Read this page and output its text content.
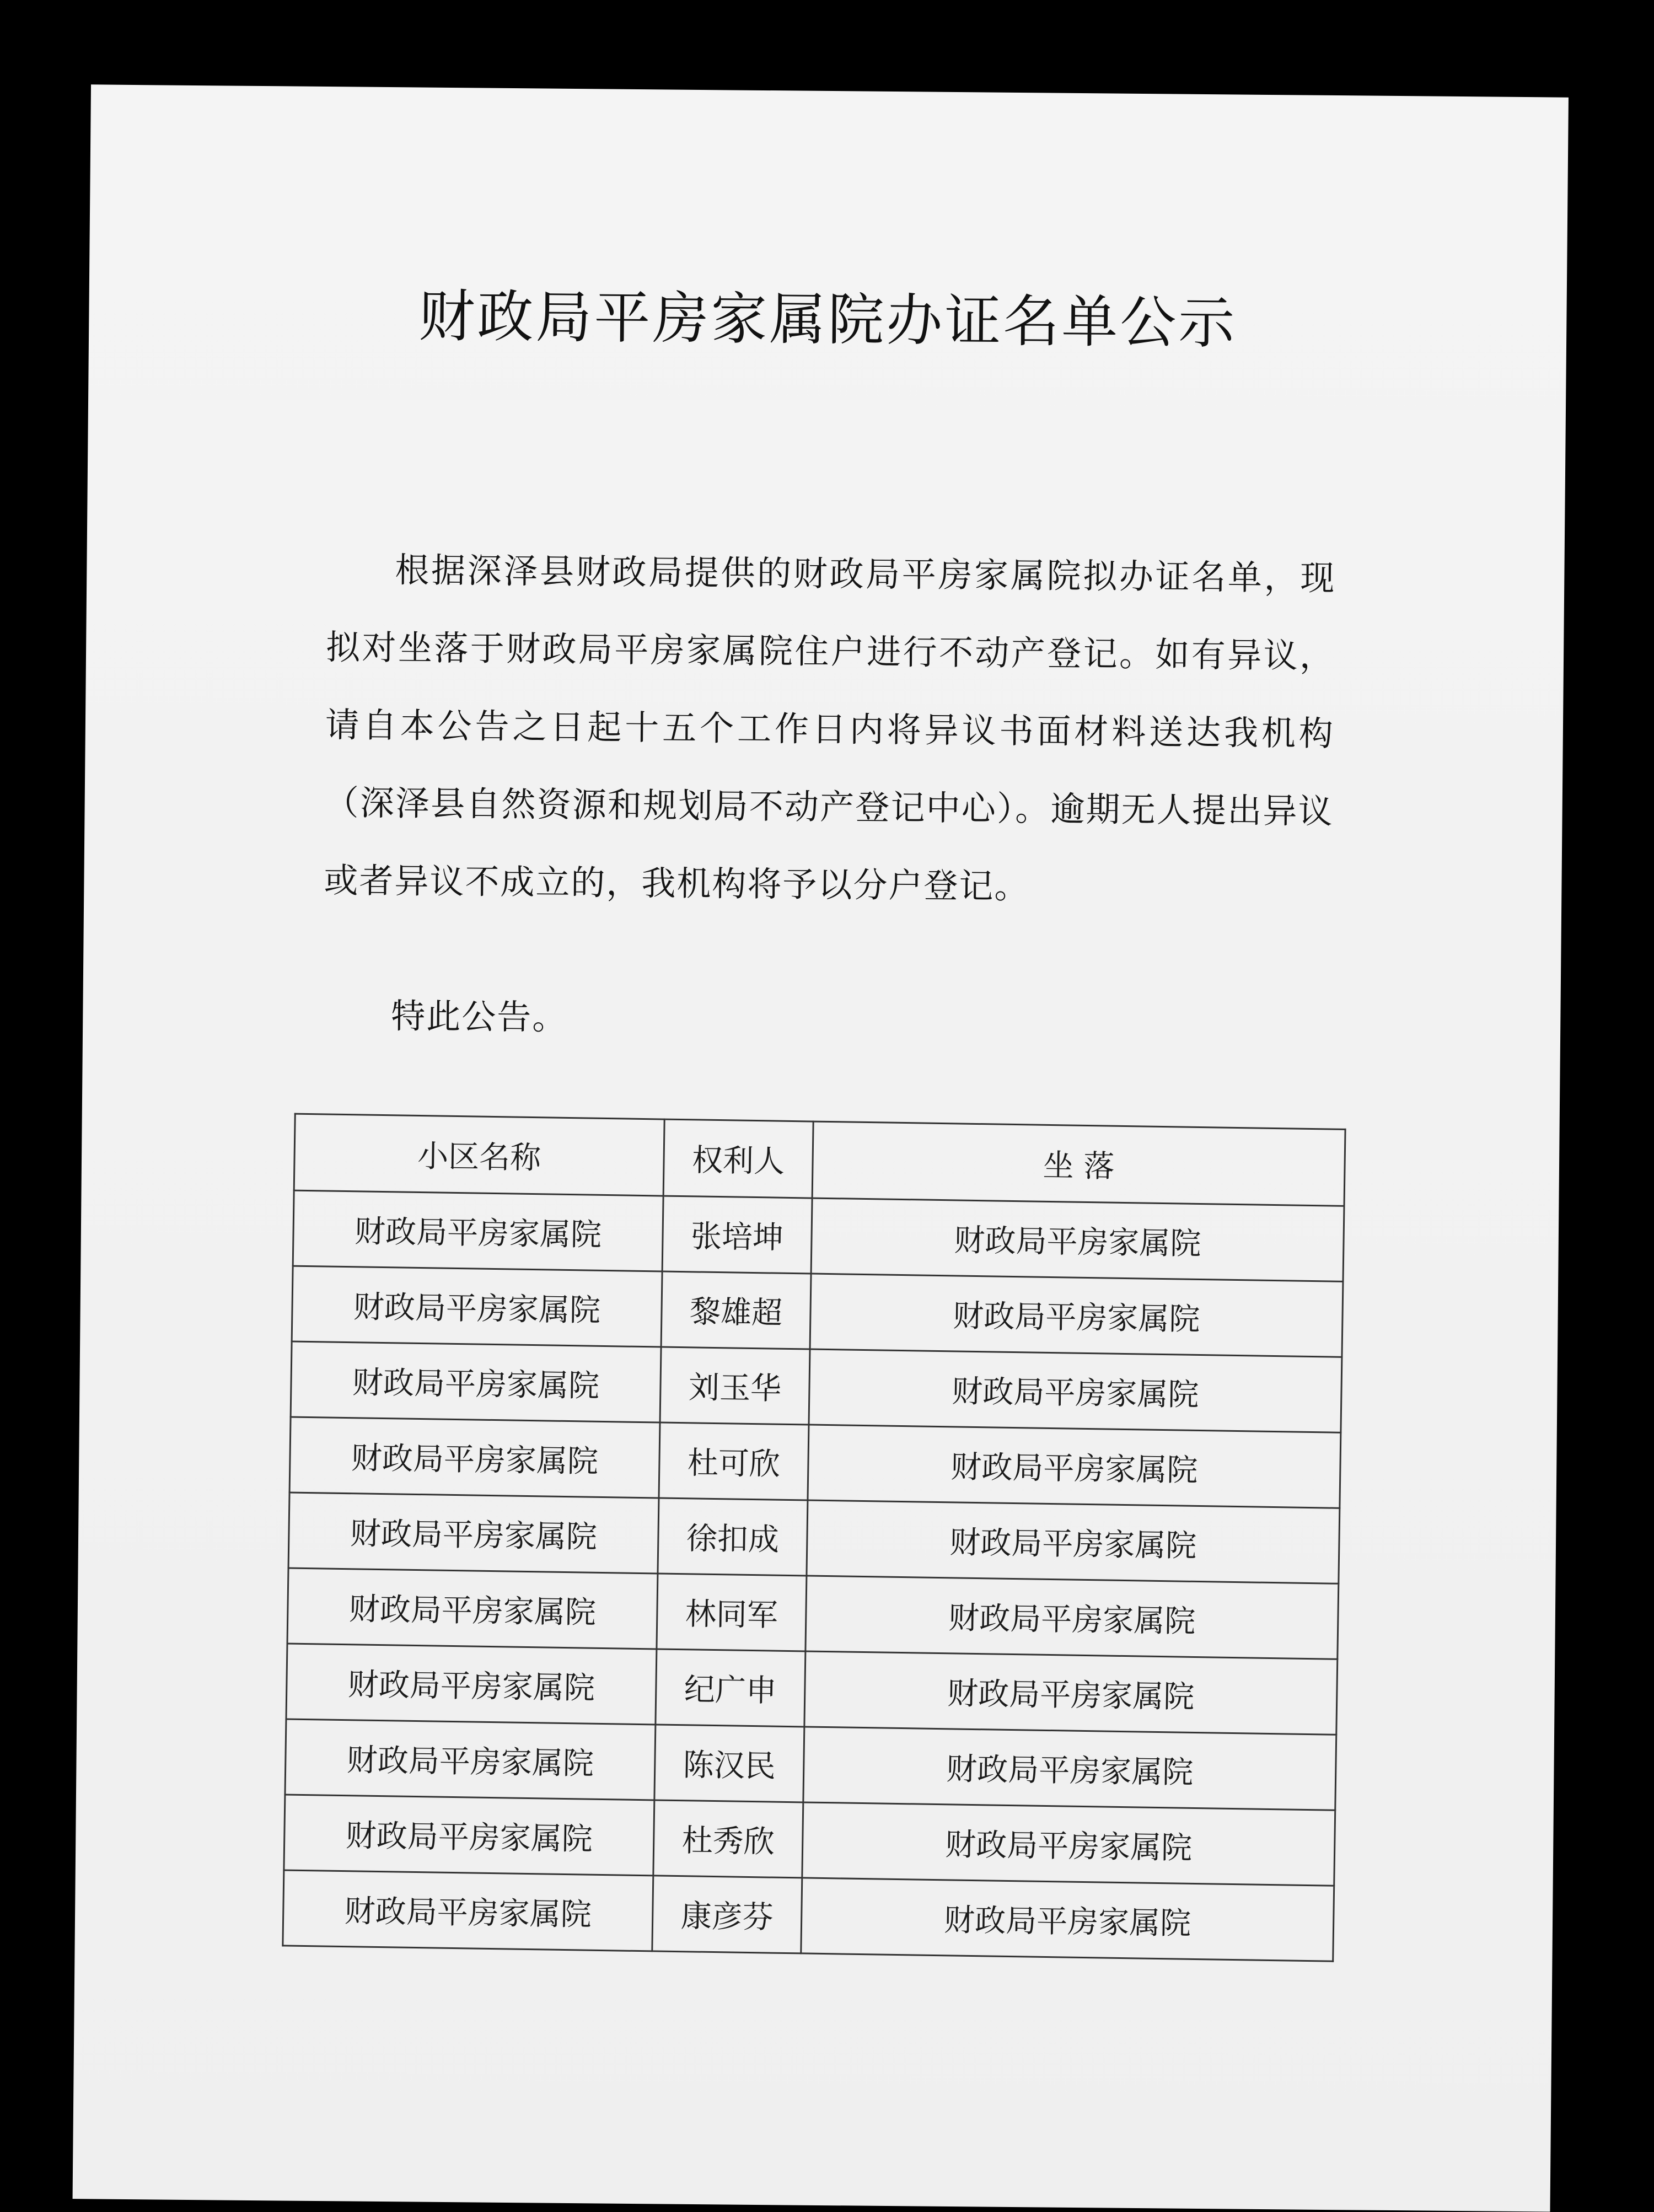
财政局平房家属院办证名单公示

根据深泽县财政局提供的财政局平房家属院拟办证名单，现拟对坐落于财政局平房家属院住户进行不动产登记。如有异议，请自本公告之日起十五个工作日内将异议书面材料送达我机构（深泽县自然资源和规划局不动产登记中心）。逾期无人提出异议或者异议不成立的，我机构将予以分户登记。

特此公告。
小区名称	权利人	坐 落
财政局平房家属院	张培坤	财政局平房家属院
财政局平房家属院	黎雄超	财政局平房家属院
财政局平房家属院	刘玉华	财政局平房家属院
财政局平房家属院	杜可欣	财政局平房家属院
财政局平房家属院	徐扣成	财政局平房家属院
财政局平房家属院	林同军	财政局平房家属院
财政局平房家属院	纪广申	财政局平房家属院
财政局平房家属院	陈汉民	财政局平房家属院
财政局平房家属院	杜秀欣	财政局平房家属院
财政局平房家属院	康彦芬	财政局平房家属院
